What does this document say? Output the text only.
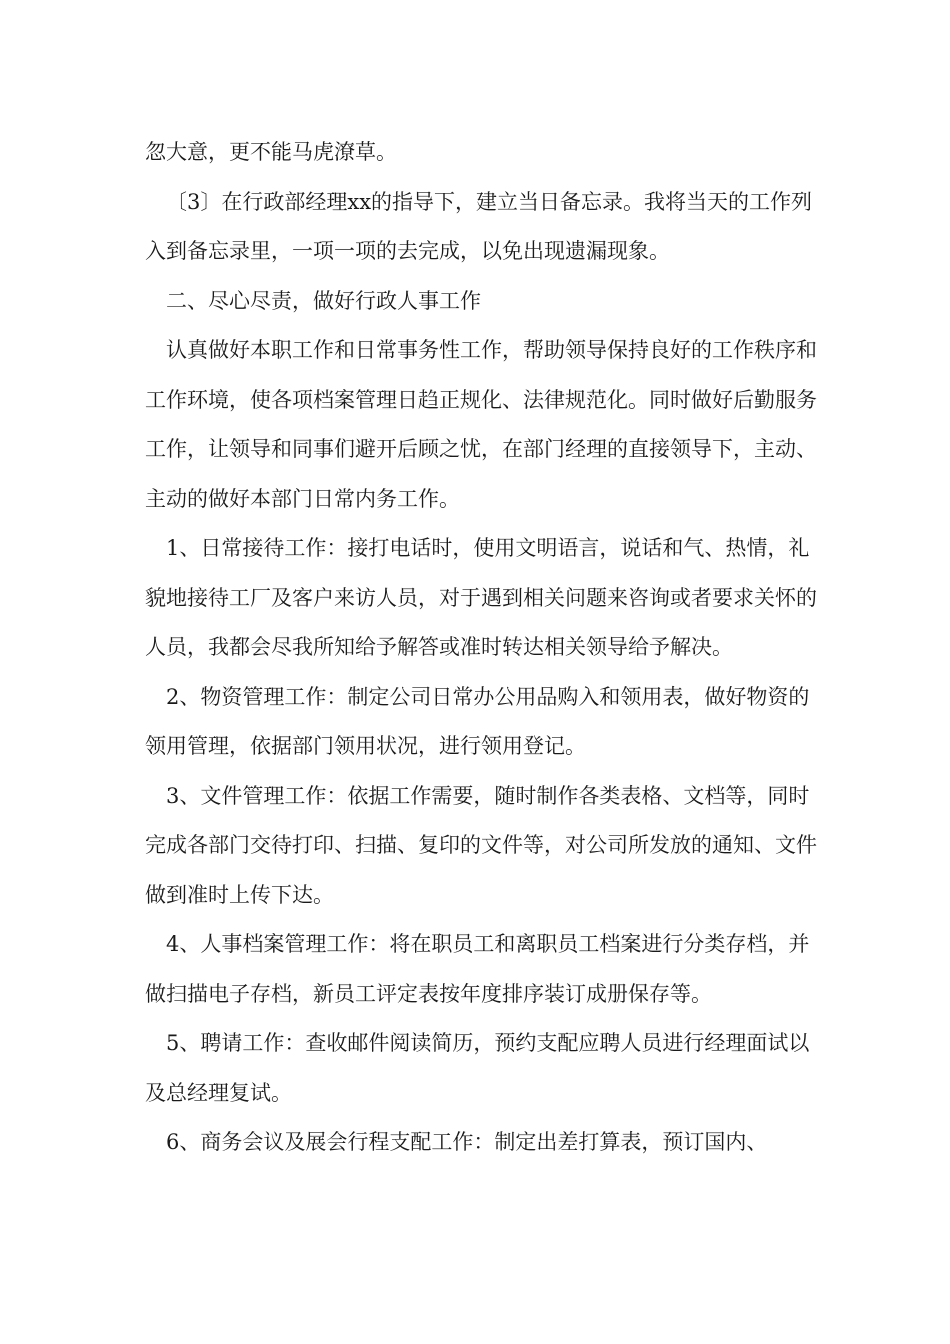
忽大意，更不能马虎潦草。

〔3〕在行政部经理xx的指导下，建立当日备忘录。我将当天的工作列入到备忘录里，一项一项的去完成，以免出现遗漏现象。

二、尽心尽责，做好行政人事工作

认真做好本职工作和日常事务性工作，帮助领导保持良好的工作秩序和工作环境，使各项档案管理日趋正规化、法律规范化。同时做好后勤服务工作，让领导和同事们避开后顾之忧，在部门经理的直接领导下，主动、主动的做好本部门日常内务工作。

1、日常接待工作：接打电话时，使用文明语言，说话和气、热情，礼貌地接待工厂及客户来访人员，对于遇到相关问题来咨询或者要求关怀的人员，我都会尽我所知给予解答或准时转达相关领导给予解决。

2、物资管理工作：制定公司日常办公用品购入和领用表，做好物资的领用管理，依据部门领用状况，进行领用登记。

3、文件管理工作：依据工作需要，随时制作各类表格、文档等，同时完成各部门交待打印、扫描、复印的文件等，对公司所发放的通知、文件做到准时上传下达。

4、人事档案管理工作：将在职员工和离职员工档案进行分类存档，并做扫描电子存档，新员工评定表按年度排序装订成册保存等。

5、聘请工作：查收邮件阅读简历，预约支配应聘人员进行经理面试以及总经理复试。

6、商务会议及展会行程支配工作：制定出差打算表，预订国内、
